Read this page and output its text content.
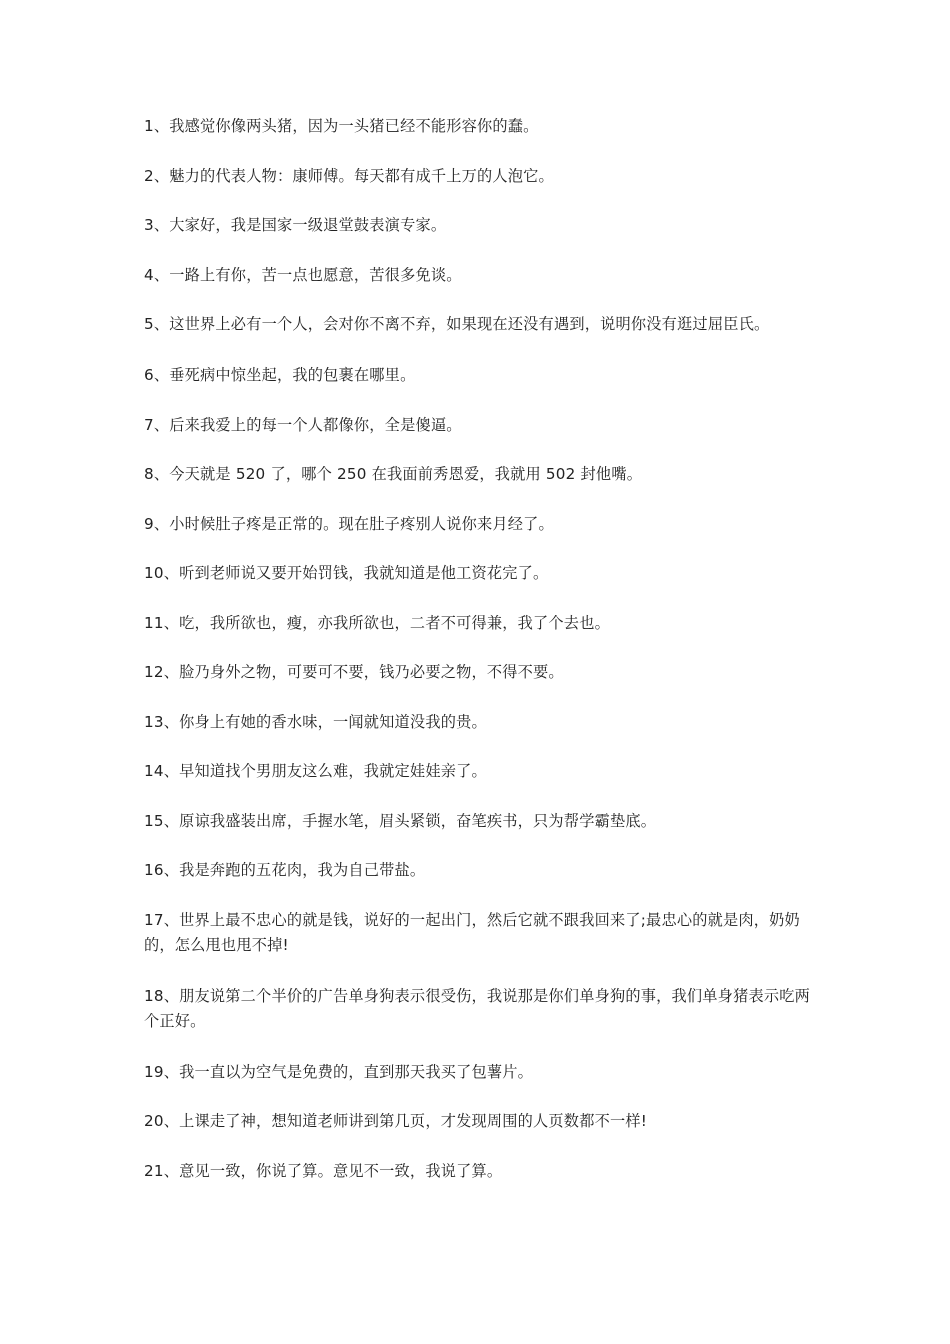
1、我感觉你像两头猪，因为一头猪已经不能形容你的蠢。

2、魅力的代表人物：康师傅。每天都有成千上万的人泡它。

3、大家好，我是国家一级退堂鼓表演专家。

4、一路上有你，苦一点也愿意，苦很多免谈。

5、这世界上必有一个人，会对你不离不弃，如果现在还没有遇到，说明你没有逛过屈臣氏。

6、垂死病中惊坐起，我的包裹在哪里。

7、后来我爱上的每一个人都像你，全是傻逼。

8、今天就是 520 了，哪个 250 在我面前秀恩爱，我就用 502 封他嘴。

9、小时候肚子疼是正常的。现在肚子疼别人说你来月经了。

10、听到老师说又要开始罚钱，我就知道是他工资花完了。

11、吃，我所欲也，瘦，亦我所欲也，二者不可得兼，我了个去也。

12、脸乃身外之物，可要可不要，钱乃必要之物，不得不要。

13、你身上有她的香水味，一闻就知道没我的贵。

14、早知道找个男朋友这么难，我就定娃娃亲了。

15、原谅我盛装出席，手握水笔，眉头紧锁，奋笔疾书，只为帮学霸垫底。

16、我是奔跑的五花肉，我为自己带盐。

17、世界上最不忠心的就是钱，说好的一起出门，然后它就不跟我回来了;最忠心的就是肉，奶奶的，怎么甩也甩不掉!

18、朋友说第二个半价的广告单身狗表示很受伤，我说那是你们单身狗的事，我们单身猪表示吃两个正好。

19、我一直以为空气是免费的，直到那天我买了包薯片。

20、上课走了神，想知道老师讲到第几页，才发现周围的人页数都不一样!

21、意见一致，你说了算。意见不一致，我说了算。
